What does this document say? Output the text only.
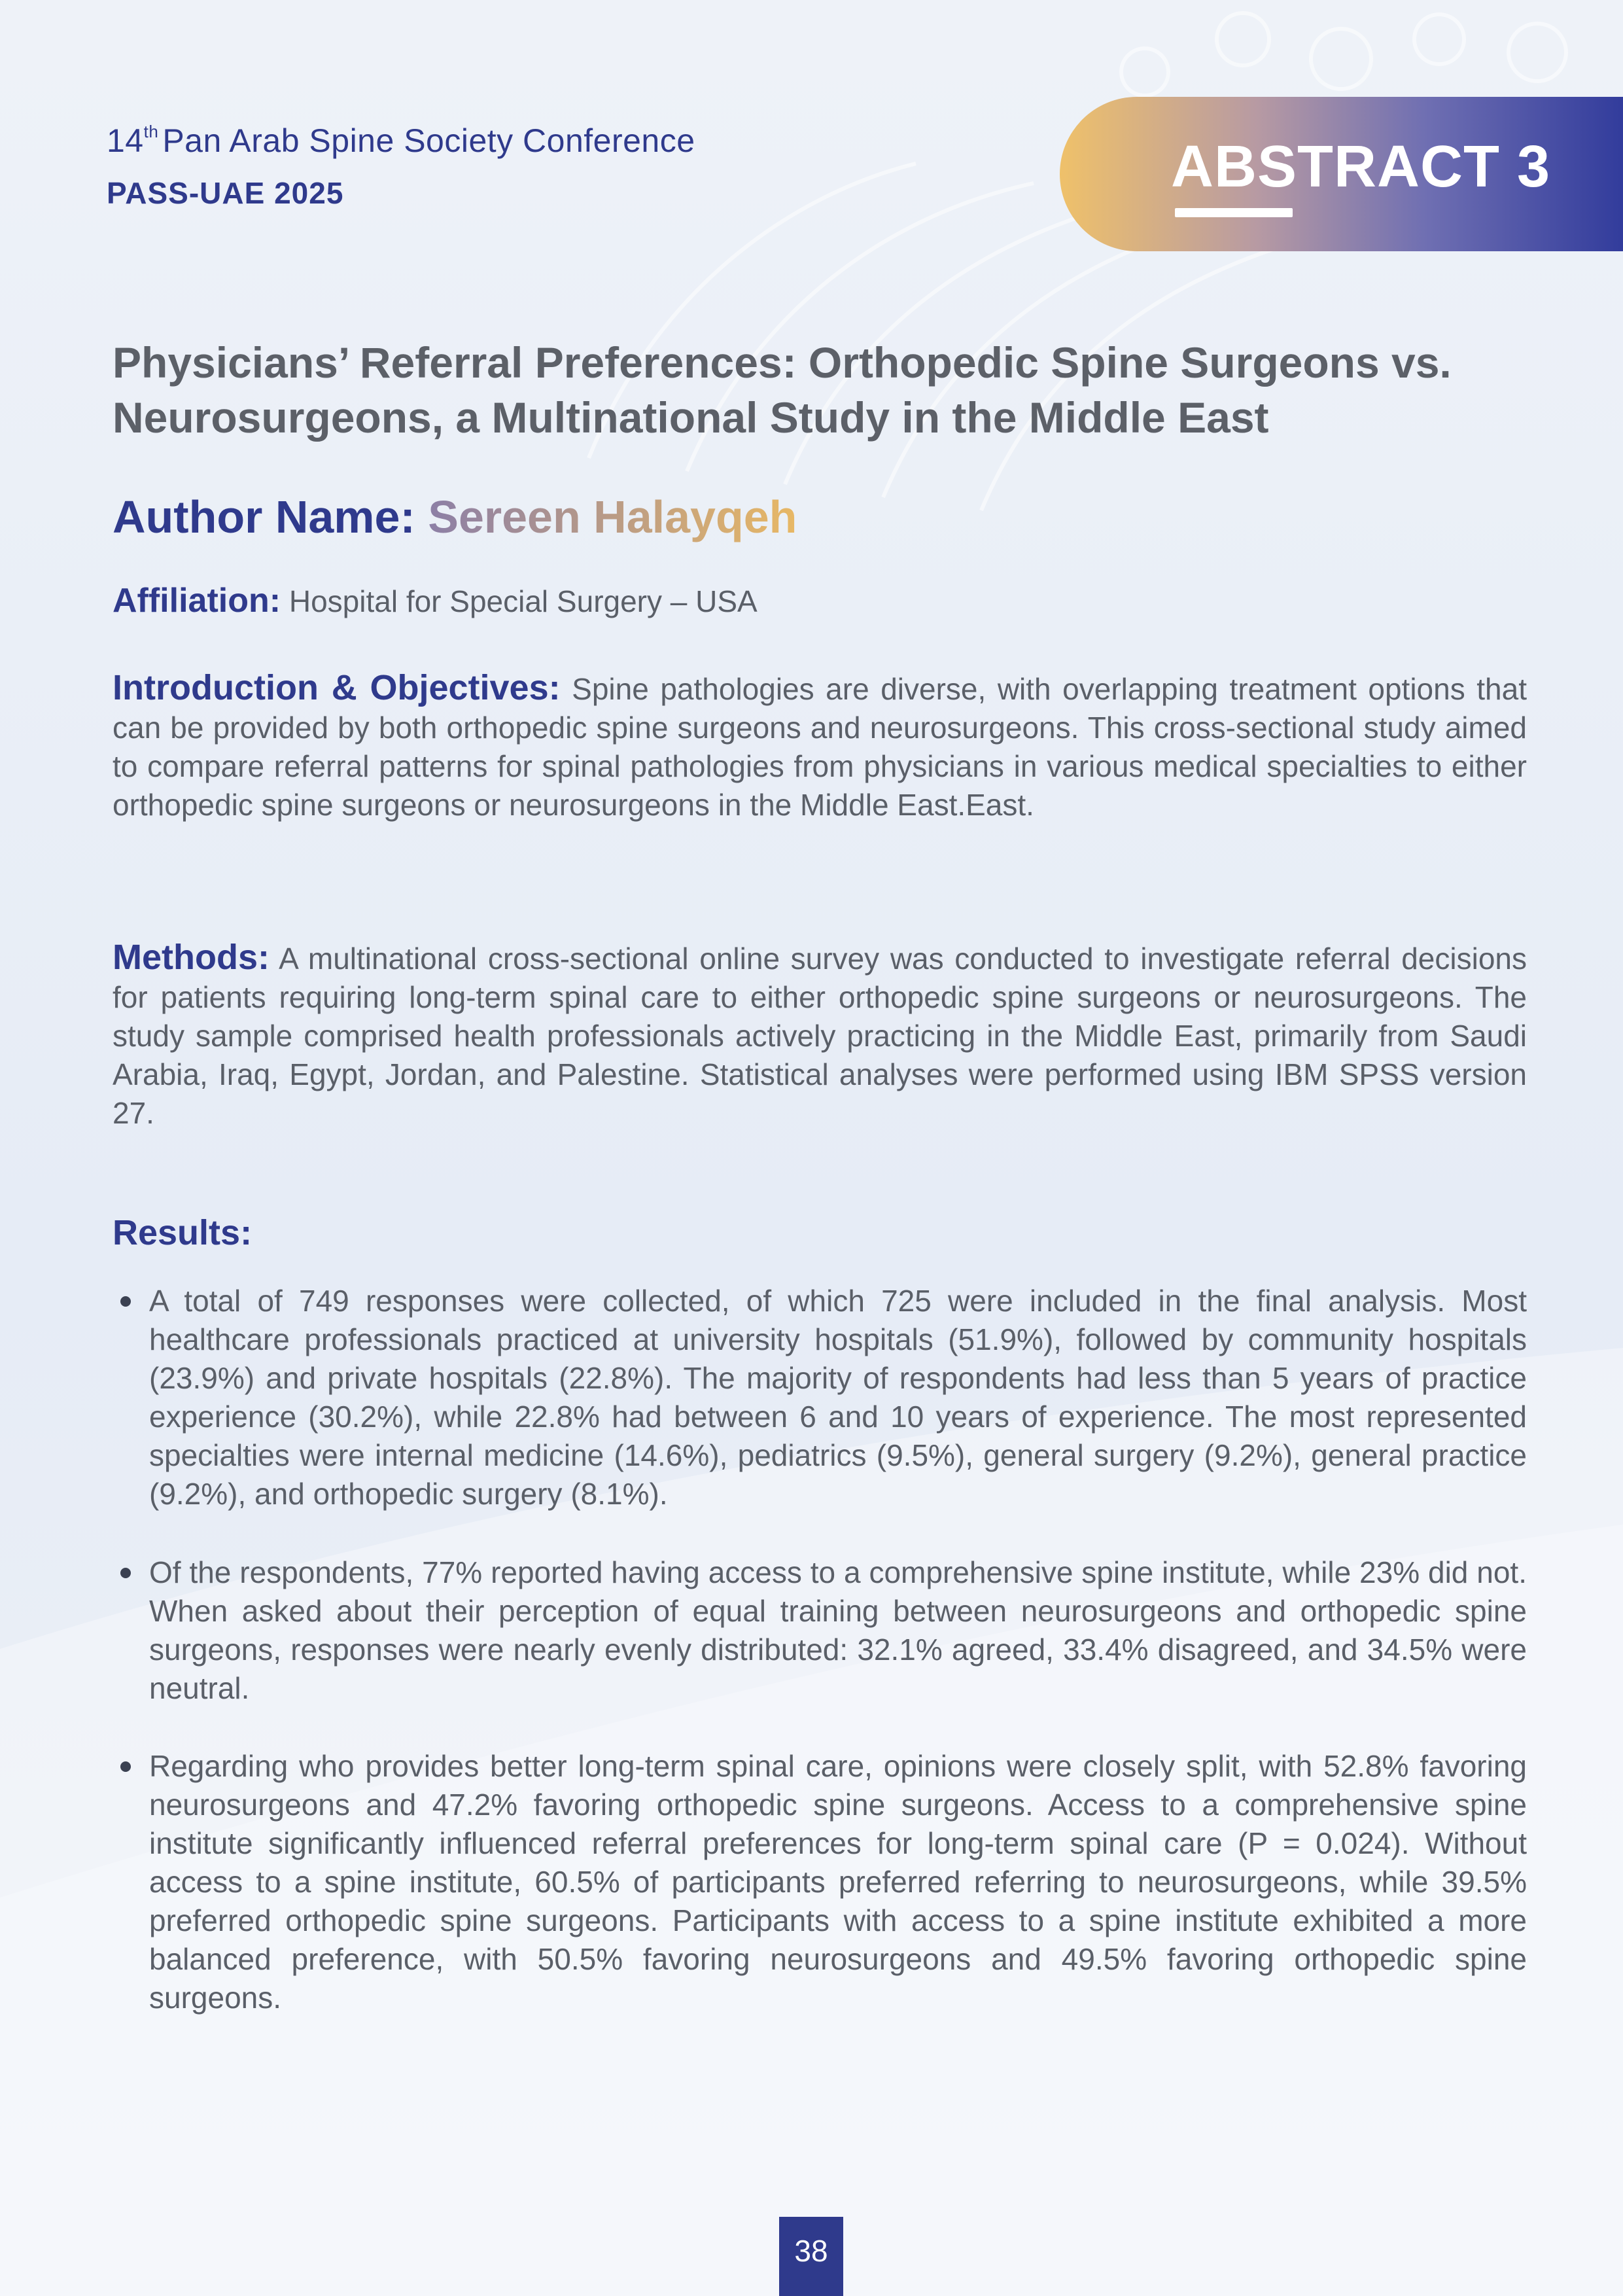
14th Pan Arab Spine Society Conference
PASS-UAE 2025	ABSTRACT 3
Physicians’ Referral Preferences: Orthopedic Spine Surgeons vs. Neurosurgeons, a Multinational Study in the Middle East
Author Name: Sereen Halayqeh
Affiliation: Hospital for Special Surgery – USA
Introduction & Objectives: Spine pathologies are diverse, with overlapping treatment options that can be provided by both orthopedic spine surgeons and neurosurgeons. This cross-sectional study aimed to compare referral patterns for spinal pathologies from physicians in various medical specialties to either orthopedic spine surgeons or neurosurgeons in the Middle East.East.
Methods: A multinational cross-sectional online survey was conducted to investigate referral decisions for patients requiring long-term spinal care to either orthopedic spine surgeons or neurosurgeons. The study sample comprised health professionals actively practicing in the Middle East, primarily from Saudi Arabia, Iraq, Egypt, Jordan, and Palestine. Statistical analyses were performed using IBM SPSS version 27.
Results:
A total of 749 responses were collected, of which 725 were included in the final analysis. Most healthcare professionals practiced at university hospitals (51.9%), followed by community hospitals (23.9%) and private hospitals (22.8%). The majority of respondents had less than 5 years of practice experience (30.2%), while 22.8% had between 6 and 10 years of experience. The most represented specialties were internal medicine (14.6%), pediatrics (9.5%), general surgery (9.2%), general practice (9.2%), and orthopedic surgery (8.1%).
Of the respondents, 77% reported having access to a comprehensive spine institute, while 23% did not. When asked about their perception of equal training between neurosurgeons and orthopedic spine surgeons, responses were nearly evenly distributed: 32.1% agreed, 33.4% disagreed, and 34.5% were neutral.
Regarding who provides better long-term spinal care, opinions were closely split, with 52.8% favoring neurosurgeons and 47.2% favoring orthopedic spine surgeons. Access to a comprehensive spine institute significantly influenced referral preferences for long-term spinal care (P = 0.024). Without access to a spine institute, 60.5% of participants preferred referring to neurosurgeons, while 39.5% preferred orthopedic spine surgeons. Participants with access to a spine institute exhibited a more balanced preference, with 50.5% favoring neurosurgeons and 49.5% favoring orthopedic spine surgeons.
38
